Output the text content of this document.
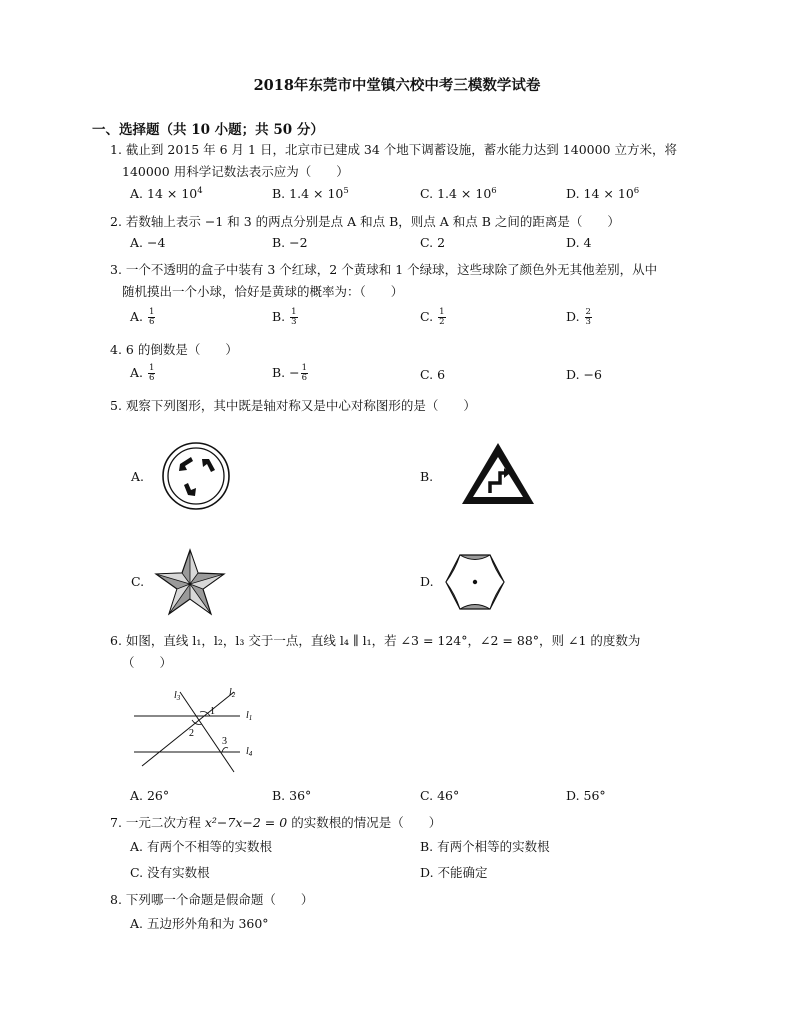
2018年东莞市中堂镇六校中考三模数学试卷
一、选择题（共 10 小题；共 50 分）
1. 截止到 2015 年 6 月 1 日，北京市已建成 34 个地下调蓄设施，蓄水能力达到 140000 立方米，将
140000 用科学记数法表示应为（　　）
A. $14 \times 10^4$	B. $1.4 \times 10^5$	C. $1.4 \times 10^6$	D. $14 \times 10^6$
2. 若数轴上表示 −1 和 3 的两点分别是点 A 和点 B，则点 A 和点 B 之间的距离是（　　）
A. −4	B. −2	C. 2	D. 4
3. 一个不透明的盒子中装有 3 个红球，2 个黄球和 1 个绿球，这些球除了颜色外无其他差别，从中
随机摸出一个小球，恰好是黄球的概率为：（　　）
A. $\frac{1}{6}$	B. $\frac{1}{3}$	C. $\frac{1}{2}$	D. $\frac{2}{3}$
4. 6 的倒数是（　　）
A. $\frac{1}{6}$	B. − $\frac{1}{6}$	C. 6	D. −6
5. 观察下列图形，其中既是轴对称又是中心对称图形的是（　　）
A.	B.
C.	D.
6. 如图，直线 l₁，l₂，l₃ 交于一点，直线 l₄ ∥ l₁，若 ∠3 = 124°，∠2 = 88°，则 ∠1 的度数为
（　　）
$l_3$	$l_2$
$l_1$
$l_4$
1
2
3
A. 26°	B. 36°	C. 46°	D. 56°
7. 一元二次方程 x²−7x−2 = 0 的实数根的情况是（　　）
A. 有两个不相等的实数根	B. 有两个相等的实数根
C. 没有实数根	D. 不能确定
8. 下列哪一个命题是假命题（　　）
A. 五边形外角和为 360°
